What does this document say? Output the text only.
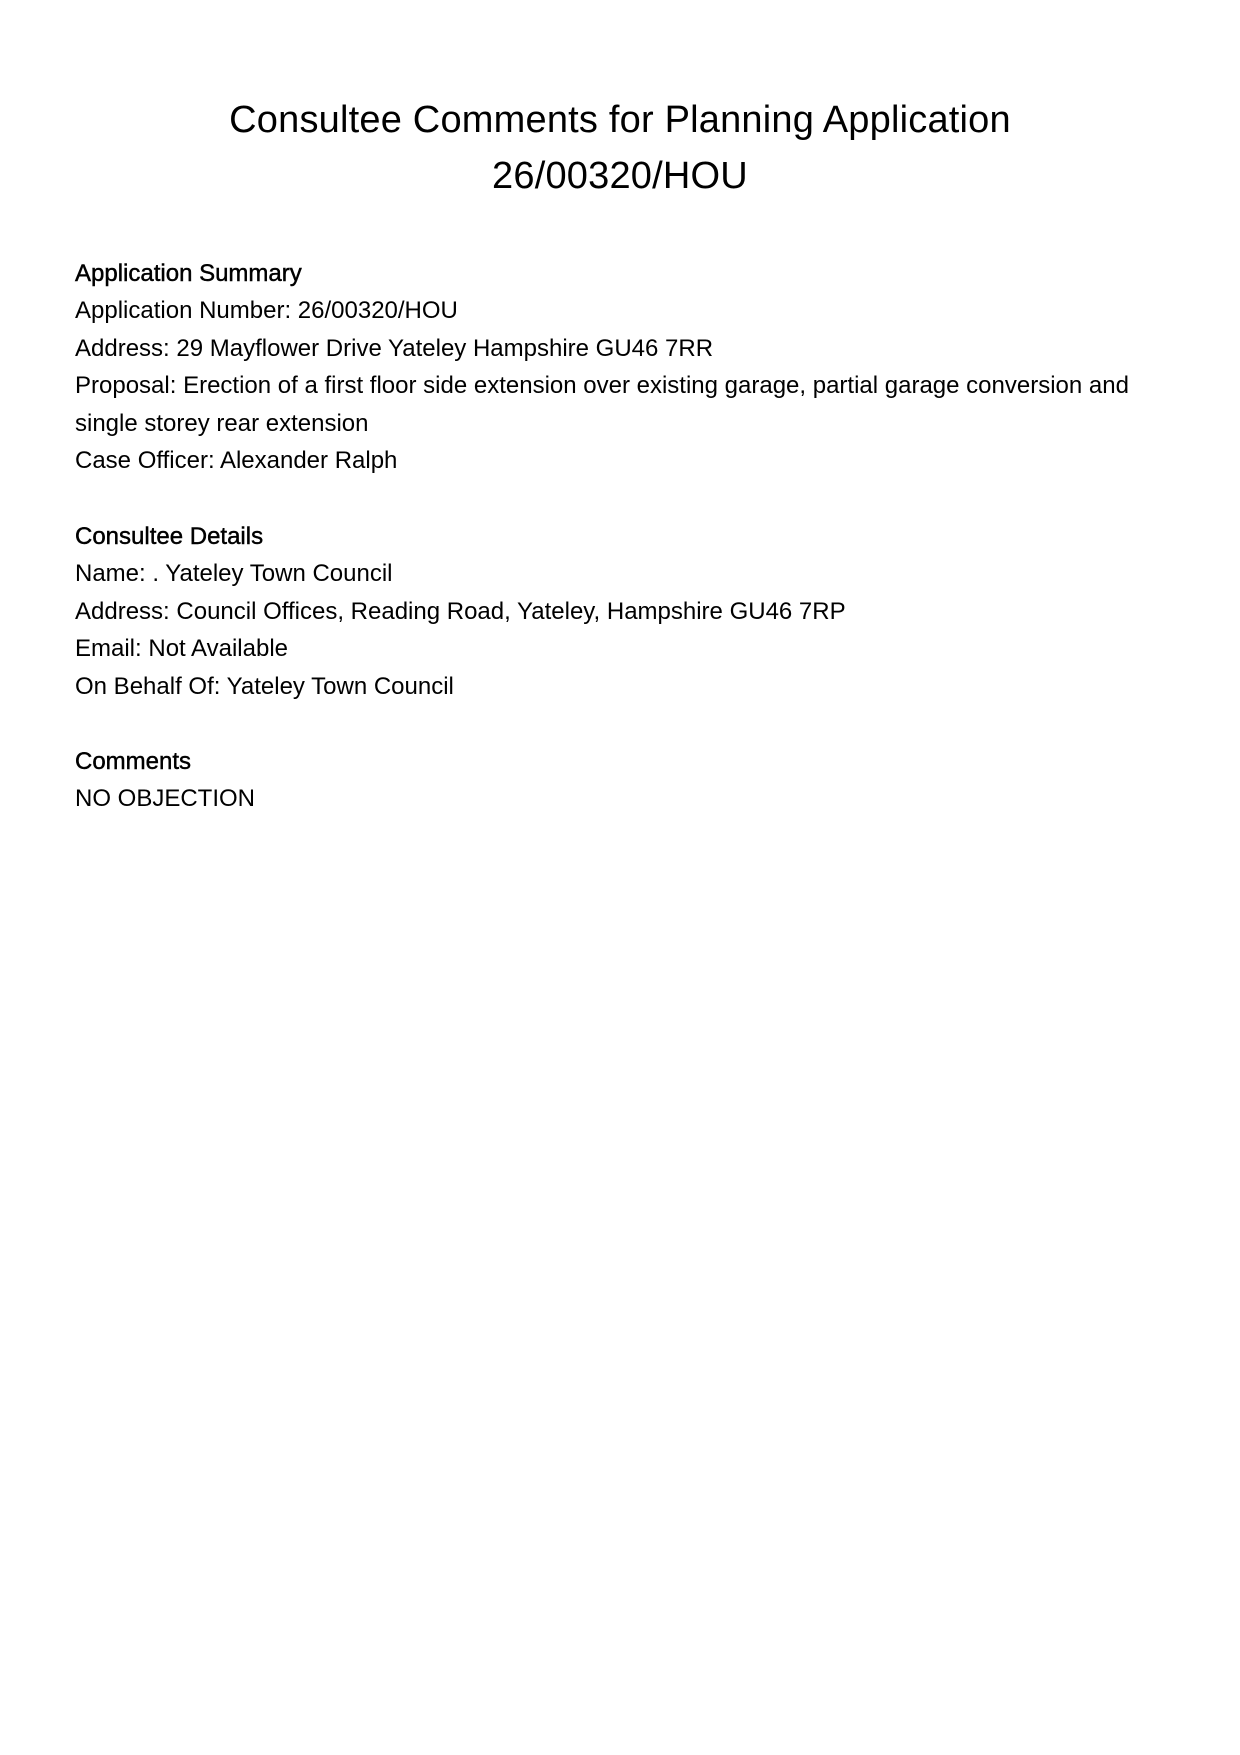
Consultee Comments for Planning Application

26/00320/HOU

Application Summary

Application Number: 26/00320/HOU

Address: 29 Mayflower Drive Yateley Hampshire GU46 7RR

Proposal: Erection of a first floor side extension over existing garage, partial garage conversion and single storey rear extension

Case Officer: Alexander Ralph

Consultee Details

Name: . Yateley Town Council

Address: Council Offices, Reading Road, Yateley, Hampshire GU46 7RP

Email: Not Available

On Behalf Of: Yateley Town Council

Comments

NO OBJECTION
